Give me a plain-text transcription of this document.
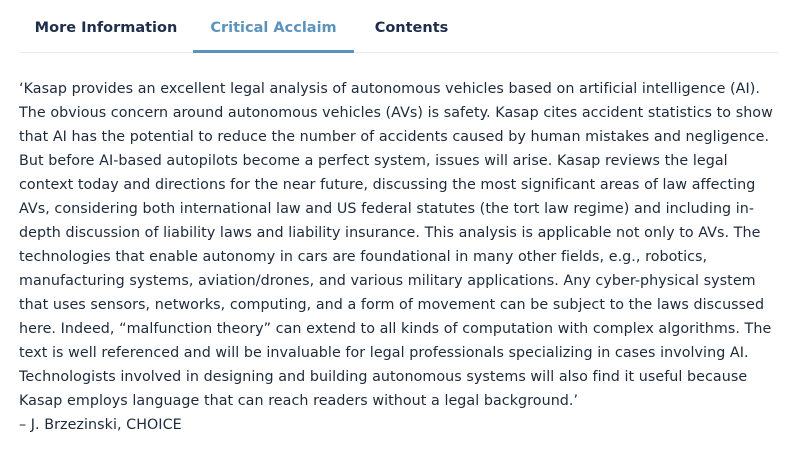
More Information	Critical Acclaim	Contents

‘Kasap provides an excellent legal analysis of autonomous vehicles based on artificial intelligence (AI). The obvious concern around autonomous vehicles (AVs) is safety. Kasap cites accident statistics to show that AI has the potential to reduce the number of accidents caused by human mistakes and negligence. But before AI-based autopilots become a perfect system, issues will arise. Kasap reviews the legal context today and directions for the near future, discussing the most significant areas of law affecting AVs, considering both international law and US federal statutes (the tort law regime) and including in-depth discussion of liability laws and liability insurance. This analysis is applicable not only to AVs. The technologies that enable autonomy in cars are foundational in many other fields, e.g., robotics, manufacturing systems, aviation/drones, and various military applications. Any cyber-physical system that uses sensors, networks, computing, and a form of movement can be subject to the laws discussed here. Indeed, “malfunction theory” can extend to all kinds of computation with complex algorithms. The text is well referenced and will be invaluable for legal professionals specializing in cases involving AI. Technologists involved in designing and building autonomous systems will also find it useful because Kasap employs language that can reach readers without a legal background.’

– J. Brzezinski, CHOICE
